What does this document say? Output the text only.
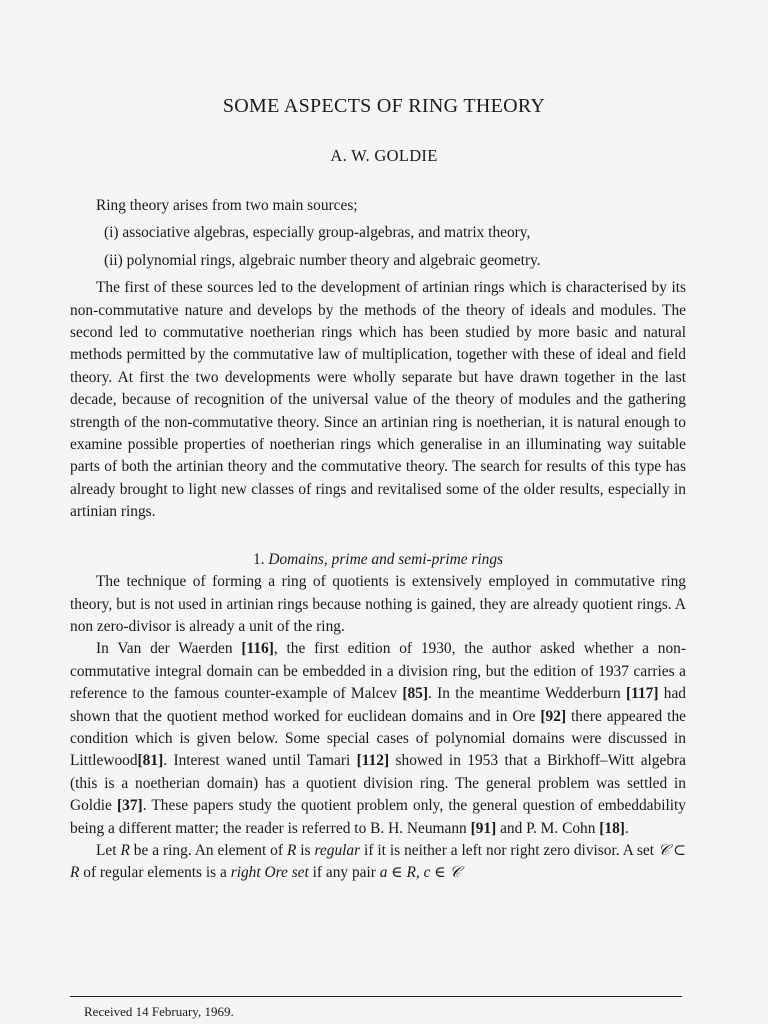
SOME ASPECTS OF RING THEORY
A. W. GOLDIE

Ring theory arises from two main sources;

(i) associative algebras, especially group-algebras, and matrix theory,

(ii) polynomial rings, algebraic number theory and algebraic geometry.

The first of these sources led to the development of artinian rings which is characterised by its non-commutative nature and develops by the methods of the theory of ideals and modules. The second led to commutative noetherian rings which has been studied by more basic and natural methods permitted by the commutative law of multiplication, together with these of ideal and field theory. At first the two developments were wholly separate but have drawn together in the last decade, because of recognition of the universal value of the theory of modules and the gathering strength of the non-commutative theory. Since an artinian ring is noetherian, it is natural enough to examine possible properties of noetherian rings which generalise in an illuminating way suitable parts of both the artinian theory and the commutative theory. The search for results of this type has already brought to light new classes of rings and revitalised some of the older results, especially in artinian rings.

1. Domains, prime and semi-prime rings

The technique of forming a ring of quotients is extensively employed in commutative ring theory, but is not used in artinian rings because nothing is gained, they are already quotient rings. A non zero-divisor is already a unit of the ring.

In Van der Waerden [116], the first edition of 1930, the author asked whether a non-commutative integral domain can be embedded in a division ring, but the edition of 1937 carries a reference to the famous counter-example of Malcev [85]. In the meantime Wedderburn [117] had shown that the quotient method worked for euclidean domains and in Ore [92] there appeared the condition which is given below. Some special cases of polynomial domains were discussed in Littlewood[81]. Interest waned until Tamari [112] showed in 1953 that a Birkhoff–Witt algebra (this is a noetherian domain) has a quotient division ring. The general problem was settled in Goldie [37]. These papers study the quotient problem only, the general question of embeddability being a different matter; the reader is referred to B. H. Neumann [91] and P. M. Cohn [18].

Let R be a ring. An element of R is regular if it is neither a left nor right zero divisor. A set 𝒞 ⊂ R of regular elements is a right Ore set if any pair a ∈ R, c ∈ 𝒞

Received 14 February, 1969.
